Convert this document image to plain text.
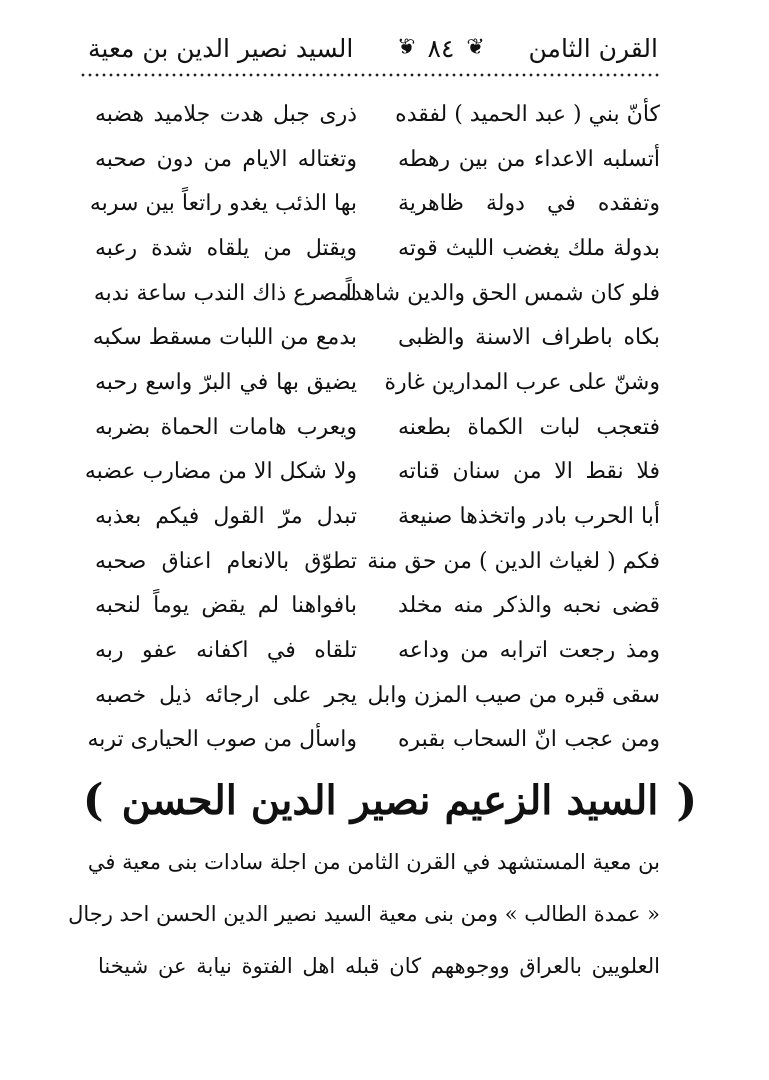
القرن الثامن
❦
٨٤
❦
السيد نصير الدين بن معية
كأنّ بني ( عبد الحميد ) لفقده
ذرى جبل هدت جلاميد هضبه
أتسلبه الاعداء من بين رهطه
وتغتاله الايام من دون صحبه
وتفقده في دولة ظاهرية
بها الذئب يغدو راتعاً بين سربه
بدولة ملك يغضب الليث قوته
ويقتل من يلقاه شدة رعبه
فلو كان شمس الحق والدين شاهداً
لمصرع ذاك الندب ساعة ندبه
بكاه باطراف الاسنة والظبى
بدمع من اللبات مسقط سكبه
وشنّ على عرب المدارين غارة
يضيق بها في البرّ واسع رحبه
فتعجب لبات الكماة بطعنه
ويعرب هامات الحماة بضربه
فلا نقط الا من سنان قناته
ولا شكل الا من مضارب عضبه
أبا الحرب بادر واتخذها صنيعة
تبدل مرّ القول فيكم بعذبه
فكم ( لغياث الدين ) من حق منة
تطوّق بالانعام اعناق صحبه
قضى نحبه والذكر منه مخلد
بافواهنا لم يقض يوماً لنحبه
ومذ رجعت اترابه من وداعه
تلقاه في اكفانه عفو ربه
سقى قبره من صيب المزن وابل
يجر على ارجائه ذيل خصبه
ومن عجب انّ السحاب بقبره
واسأل من صوب الحيارى تربه
(
السيد الزعيم نصير الدين الحسن
)
بن معية المستشهد في القرن الثامن من اجلة سادات بنى معية في
« عمدة الطالب » ومن بنى معية السيد نصير الدين الحسن احد رجال
العلويين بالعراق ووجوههم كان قبله اهل الفتوة نيابة عن شيخنا
